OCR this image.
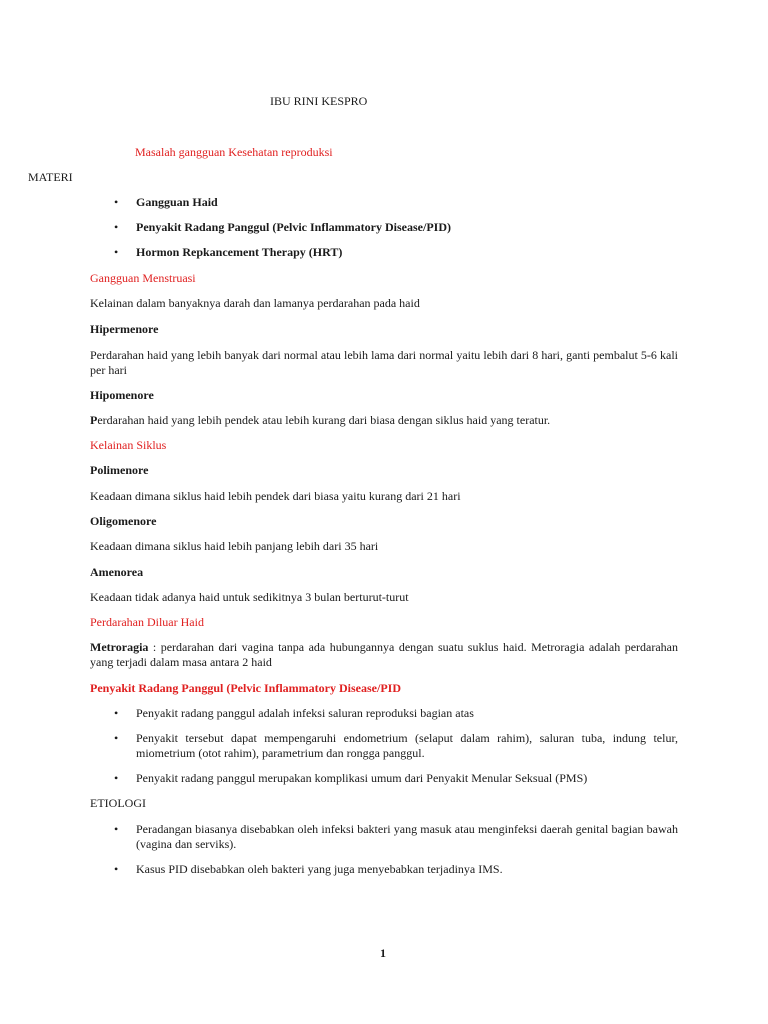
IBU RINI KESPRO
Masalah gangguan Kesehatan reproduksi
MATERI
•	Gangguan Haid
•	Penyakit Radang Panggul (Pelvic Inflammatory Disease/PID)
•	Hormon Repkancement Therapy (HRT)
Gangguan Menstruasi
Kelainan dalam banyaknya darah dan lamanya perdarahan pada haid
Hipermenore
Perdarahan haid yang lebih banyak dari normal atau lebih lama dari normal yaitu lebih dari 8 hari, ganti pembalut 5-6 kali per hari
Hipomenore
Perdarahan haid yang lebih pendek atau lebih kurang dari biasa dengan siklus haid yang teratur.
Kelainan Siklus
Polimenore
Keadaan dimana siklus haid lebih pendek dari biasa yaitu kurang dari 21 hari
Oligomenore
Keadaan dimana siklus haid lebih panjang lebih dari 35 hari
Amenorea
Keadaan tidak adanya haid untuk sedikitnya 3 bulan berturut-turut
Perdarahan Diluar Haid
Metroragia : perdarahan dari vagina tanpa ada hubungannya dengan suatu suklus haid. Metroragia adalah perdarahan yang terjadi dalam masa antara 2 haid
Penyakit Radang Panggul (Pelvic Inflammatory Disease/PID
•	Penyakit radang panggul adalah infeksi saluran reproduksi bagian atas
•	Penyakit tersebut dapat mempengaruhi endometrium (selaput dalam rahim), saluran tuba, indung telur, miometrium (otot rahim), parametrium dan rongga panggul.
•	Penyakit radang panggul merupakan komplikasi umum dari Penyakit Menular Seksual (PMS)
ETIOLOGI
•	Peradangan biasanya disebabkan oleh infeksi bakteri yang masuk atau menginfeksi daerah genital bagian bawah (vagina dan serviks).
•	Kasus PID disebabkan oleh bakteri yang juga menyebabkan terjadinya IMS.
1
